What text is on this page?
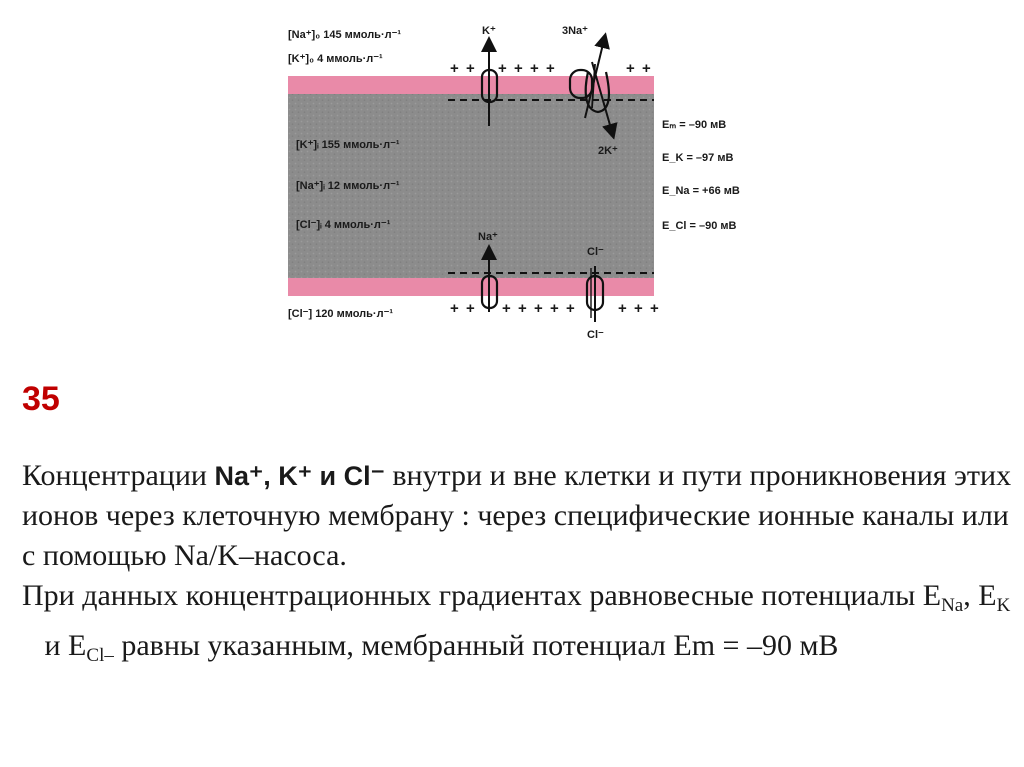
+ + + + + +	+ +
+ + + + + + +	+ + +
[Na⁺]₀ 145 ммоль·л⁻¹
[K⁺]₀ 4 ммоль·л⁻¹
[Cl⁻] 120 ммоль·л⁻¹
[K⁺]ᵢ 155 ммоль·л⁻¹
[Na⁺]ᵢ 12 ммоль·л⁻¹
[Cl⁻]ᵢ 4 ммоль·л⁻¹
K⁺	3Na⁺
2K⁺
Na⁺
Cl⁻
Cl⁻
Eₘ = –90 мВ
E_K = –97 мВ
E_Na = +66 мВ
E_Cl = –90 мВ
35

Концентрации Na⁺, K⁺ и Cl⁻ внутри и вне клетки и пути проникновения этих ионов через клеточную мембрану : через специфические ионные каналы или с помощью Na/K–насоса.

При данных концентрационных градиентах равновесные потенциалы $E_{Na}$, $E_K$   и $E_{Cl-}$ равны указанным, мембранный потенциал Em = –90 мВ
